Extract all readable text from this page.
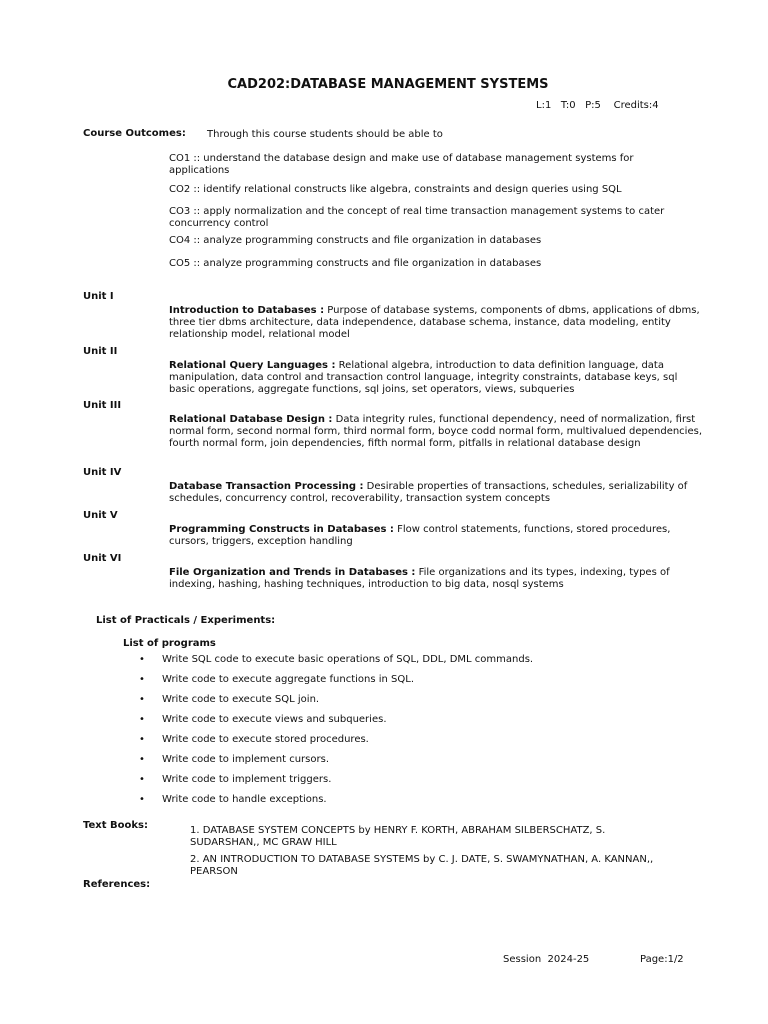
CAD202:DATABASE MANAGEMENT SYSTEMS
L:1   T:0   P:5    Credits:4
Course Outcomes: Through this course students should be able to
CO1 :: understand the database design and make use of database management systems for applications
CO2 :: identify relational constructs like algebra, constraints and design queries using SQL
CO3 :: apply normalization and the concept of real time transaction management systems to cater concurrency control
CO4 :: analyze programming constructs and file organization in databases
CO5 :: analyze programming constructs and file organization in databases
Unit I
Introduction to Databases : Purpose of database systems, components of dbms, applications of dbms, three tier dbms architecture, data independence, database schema, instance, data modeling, entity relationship model, relational model
Unit II
Relational Query Languages : Relational algebra, introduction to data definition language, data manipulation, data control and transaction control language, integrity constraints, database keys, sql basic operations, aggregate functions, sql joins, set operators, views, subqueries
Unit III
Relational Database Design : Data integrity rules, functional dependency, need of normalization, first normal form, second normal form, third normal form, boyce codd normal form, multivalued dependencies, fourth normal form, join dependencies, fifth normal form, pitfalls in relational database design
Unit IV
Database Transaction Processing : Desirable properties of transactions, schedules, serializability of schedules, concurrency control, recoverability, transaction system concepts
Unit V
Programming Constructs in Databases : Flow control statements, functions, stored procedures, cursors, triggers, exception handling
Unit VI
File Organization and Trends in Databases : File organizations and its types, indexing, types of indexing, hashing, hashing techniques, introduction to big data, nosql systems
List of Practicals / Experiments:
List of programs
• Write SQL code to execute basic operations of SQL, DDL, DML commands.
• Write code to execute aggregate functions in SQL.
• Write code to execute SQL join.
• Write code to execute views and subqueries.
• Write code to execute stored procedures.
• Write code to implement cursors.
• Write code to implement triggers.
• Write code to handle exceptions.
Text Books:	1. DATABASE SYSTEM CONCEPTS by HENRY F. KORTH, ABRAHAM SILBERSCHATZ, S. SUDARSHAN,, MC GRAW HILL
2. AN INTRODUCTION TO DATABASE SYSTEMS by C. J. DATE, S. SWAMYNATHAN, A. KANNAN,, PEARSON
References:
Session  2024-25	Page:1/2
